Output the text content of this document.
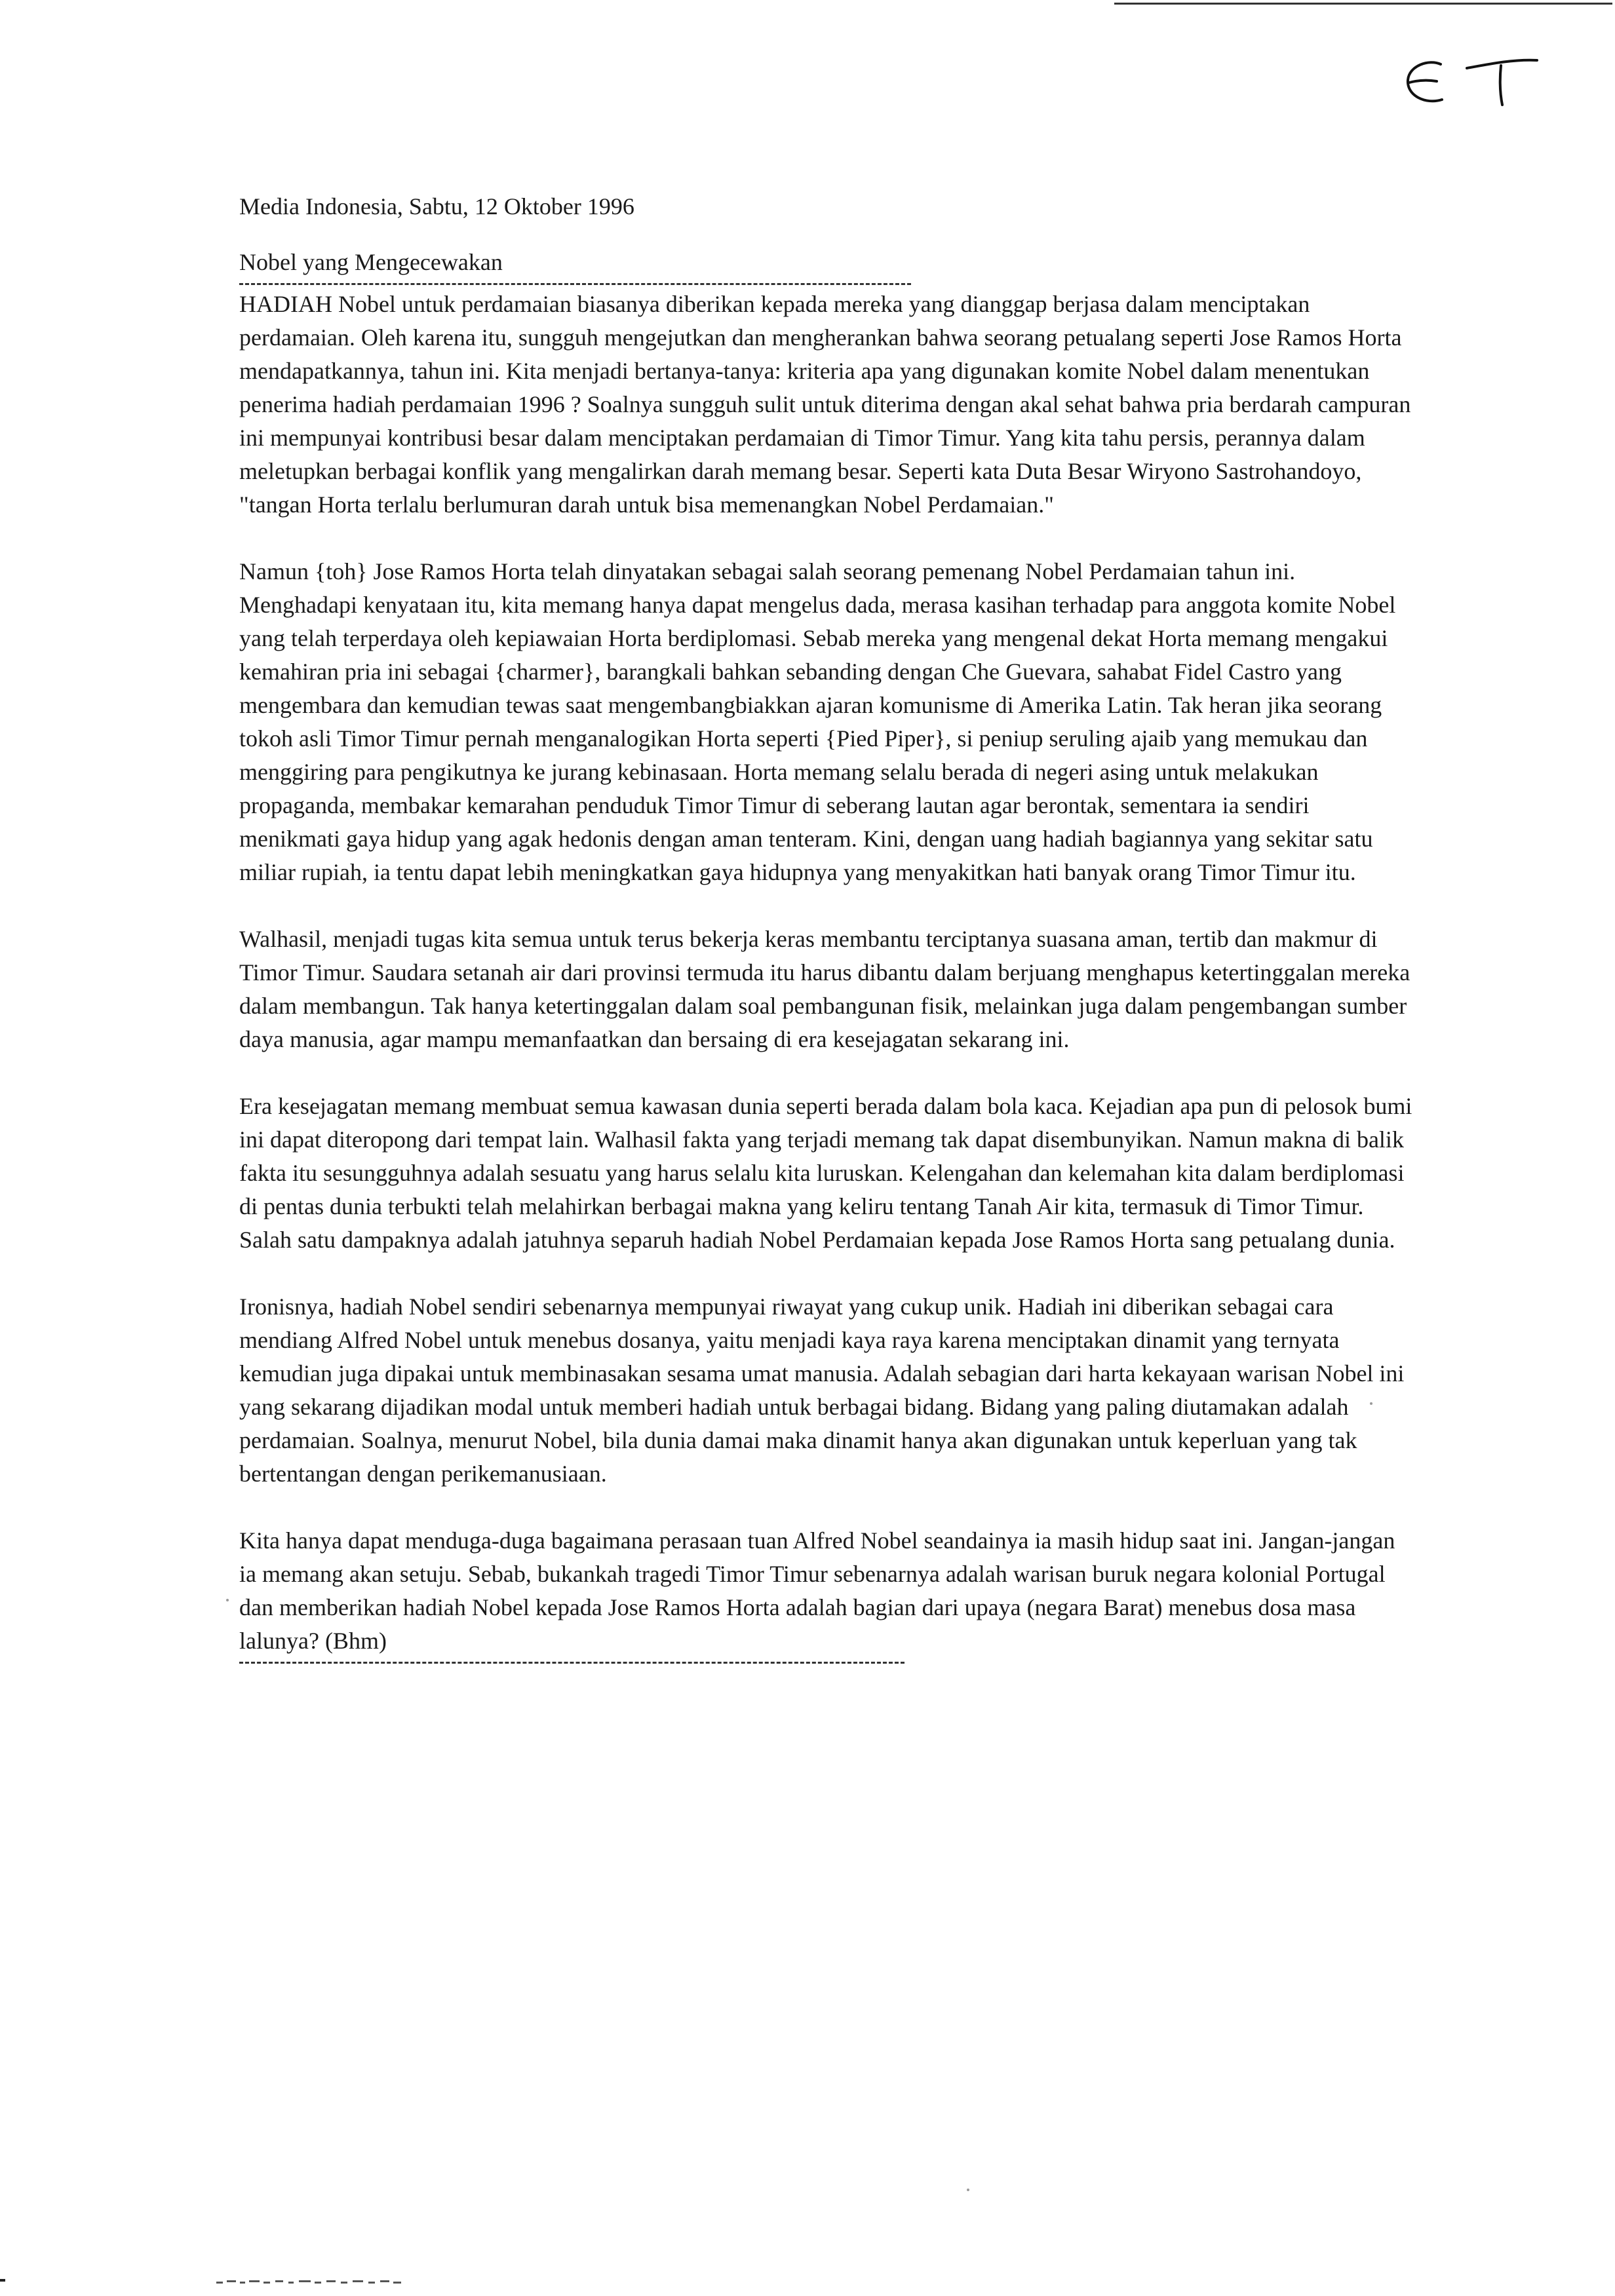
Media Indonesia, Sabtu, 12 Oktober 1996

Nobel yang Mengecewakan

HADIAH Nobel untuk perdamaian biasanya diberikan kepada mereka yang dianggap berjasa dalam menciptakan perdamaian. Oleh karena itu, sungguh mengejutkan dan mengherankan bahwa seorang petualang seperti Jose Ramos Horta mendapatkannya, tahun ini. Kita menjadi bertanya-tanya: kriteria apa yang digunakan komite Nobel dalam menentukan penerima hadiah perdamaian 1996 ? Soalnya sungguh sulit untuk diterima dengan akal sehat bahwa pria berdarah campuran ini mempunyai kontribusi besar dalam menciptakan perdamaian di Timor Timur. Yang kita tahu persis, perannya dalam meletupkan berbagai konflik yang mengalirkan darah memang besar. Seperti kata Duta Besar Wiryono Sastrohandoyo, "tangan Horta terlalu berlumuran darah untuk bisa memenangkan Nobel Perdamaian."

Namun {toh} Jose Ramos Horta telah dinyatakan sebagai salah seorang pemenang Nobel Perdamaian tahun ini. Menghadapi kenyataan itu, kita memang hanya dapat mengelus dada, merasa kasihan terhadap para anggota komite Nobel yang telah terperdaya oleh kepiawaian Horta berdiplomasi. Sebab mereka yang mengenal dekat Horta memang mengakui kemahiran pria ini sebagai {charmer}, barangkali bahkan sebanding dengan Che Guevara, sahabat Fidel Castro yang mengembara dan kemudian tewas saat mengembangbiakkan ajaran komunisme di Amerika Latin. Tak heran jika seorang tokoh asli Timor Timur pernah menganalogikan Horta seperti {Pied Piper}, si peniup seruling ajaib yang memukau dan menggiring para pengikutnya ke jurang kebinasaan. Horta memang selalu berada di negeri asing untuk melakukan propaganda, membakar kemarahan penduduk Timor Timur di seberang lautan agar berontak, sementara ia sendiri menikmati gaya hidup yang agak hedonis dengan aman tenteram. Kini, dengan uang hadiah bagiannya yang sekitar satu miliar rupiah, ia tentu dapat lebih meningkatkan gaya hidupnya yang menyakitkan hati banyak orang Timor Timur itu.

Walhasil, menjadi tugas kita semua untuk terus bekerja keras membantu terciptanya suasana aman, tertib dan makmur di Timor Timur. Saudara setanah air dari provinsi termuda itu harus dibantu dalam berjuang menghapus ketertinggalan mereka dalam membangun. Tak hanya ketertinggalan dalam soal pembangunan fisik, melainkan juga dalam pengembangan sumber daya manusia, agar mampu memanfaatkan dan bersaing di era kesejagatan sekarang ini.

Era kesejagatan memang membuat semua kawasan dunia seperti berada dalam bola kaca. Kejadian apa pun di pelosok bumi ini dapat diteropong dari tempat lain. Walhasil fakta yang terjadi memang tak dapat disembunyikan. Namun makna di balik fakta itu sesungguhnya adalah sesuatu yang harus selalu kita luruskan. Kelengahan dan kelemahan kita dalam berdiplomasi di pentas dunia terbukti telah melahirkan berbagai makna yang keliru tentang Tanah Air kita, termasuk di Timor Timur. Salah satu dampaknya adalah jatuhnya separuh hadiah Nobel Perdamaian kepada Jose Ramos Horta sang petualang dunia.

Ironisnya, hadiah Nobel sendiri sebenarnya mempunyai riwayat yang cukup unik. Hadiah ini diberikan sebagai cara mendiang Alfred Nobel untuk menebus dosanya, yaitu menjadi kaya raya karena menciptakan dinamit yang ternyata kemudian juga dipakai untuk membinasakan sesama umat manusia. Adalah sebagian dari harta kekayaan warisan Nobel ini yang sekarang dijadikan modal untuk memberi hadiah untuk berbagai bidang. Bidang yang paling diutamakan adalah perdamaian. Soalnya, menurut Nobel, bila dunia damai maka dinamit hanya akan digunakan untuk keperluan yang tak bertentangan dengan perikemanusiaan.

Kita hanya dapat menduga-duga bagaimana perasaan tuan Alfred Nobel seandainya ia masih hidup saat ini. Jangan-jangan ia memang akan setuju. Sebab, bukankah tragedi Timor Timur sebenarnya adalah warisan buruk negara kolonial Portugal dan memberikan hadiah Nobel kepada Jose Ramos Horta adalah bagian dari upaya (negara Barat) menebus dosa masa lalunya? (Bhm)
